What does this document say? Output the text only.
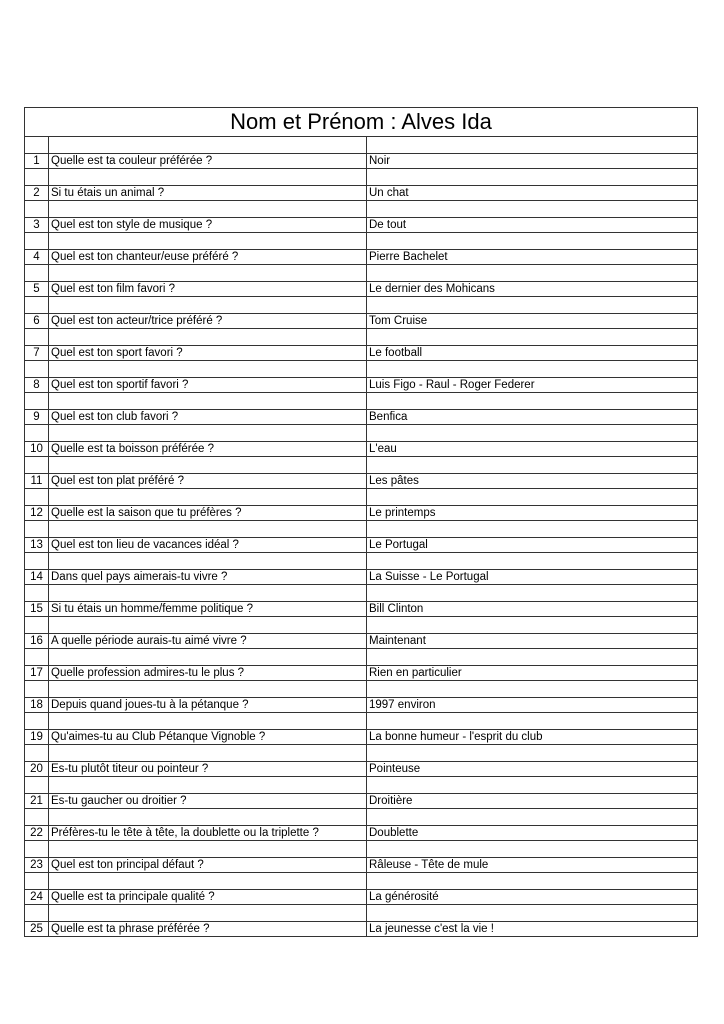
Nom et Prénom : Alves Ida		

1	Quelle est ta couleur préférée ?	Noir

2	Si tu étais un animal ?	Un chat

3	Quel est ton style de musique ?	De tout

4	Quel est ton chanteur/euse préféré ?	Pierre Bachelet

5	Quel est ton film favori ?	Le dernier des Mohicans

6	Quel est ton acteur/trice préféré ?	Tom Cruise

7	Quel est ton sport favori ?	Le football

8	Quel est ton sportif favori ?	Luis Figo - Raul - Roger Federer

9	Quel est ton club favori ?	Benfica

10	Quelle est ta boisson préférée ?	L'eau

11	Quel est ton plat préféré ?	Les pâtes

12	Quelle est la saison que tu préfères ?	Le printemps

13	Quel est ton lieu de vacances idéal ?	Le Portugal

14	Dans quel pays aimerais-tu vivre ?	La Suisse - Le Portugal

15	Si tu étais un homme/femme politique ?	Bill Clinton

16	A quelle période aurais-tu aimé vivre ?	Maintenant

17	Quelle profession admires-tu le plus ?	Rien en particulier

18	Depuis quand joues-tu à la pétanque ?	1997 environ

19	Qu'aimes-tu au Club Pétanque Vignoble ?	La bonne humeur - l'esprit du club

20	Es-tu plutôt titeur ou pointeur ?	Pointeuse

21	Es-tu gaucher ou droitier ?	Droitière

22	Préfères-tu le tête à tête, la doublette ou la triplette ?	Doublette

23	Quel est ton principal défaut ?	Râleuse - Tête de mule

24	Quelle est ta principale qualité ?	La générosité

25	Quelle est ta phrase préférée ?	La jeunesse c'est la vie !
